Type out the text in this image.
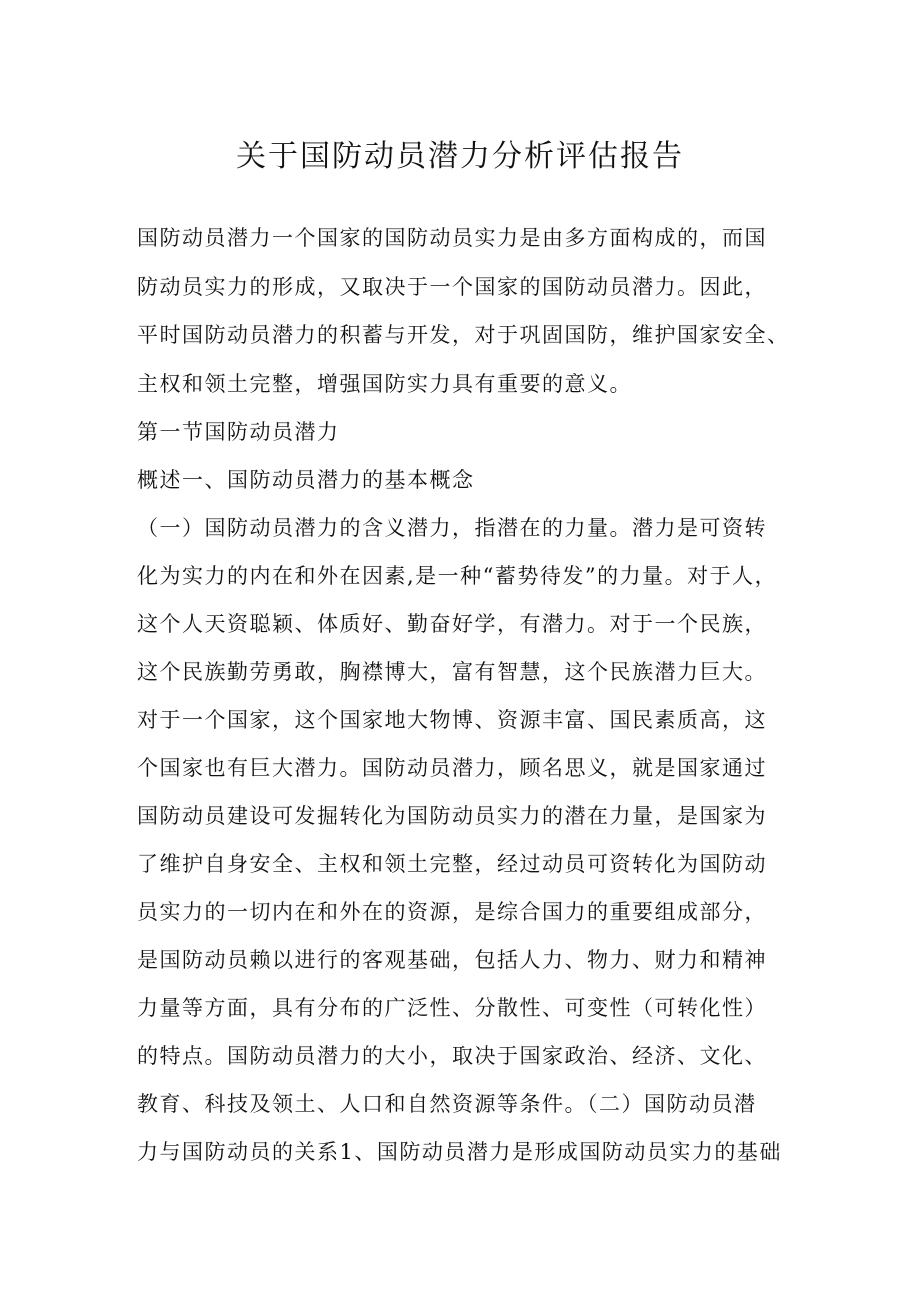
关于国防动员潜力分析评估报告
国防动员潜力一个国家的国防动员实力是由多方面构成的，而国
防动员实力的形成，又取决于一个国家的国防动员潜力。因此，
平时国防动员潜力的积蓄与开发，对于巩固国防，维护国家安全、
主权和领土完整，增强国防实力具有重要的意义。
第一节国防动员潜力
概述一、国防动员潜力的基本概念
（一）国防动员潜力的含义潜力，指潜在的力量。潜力是可资转
化为实力的内在和外在因素,是一种“蓄势待发”的力量。对于人，
这个人天资聪颖、体质好、勤奋好学，有潜力。对于一个民族，
这个民族勤劳勇敢，胸襟博大，富有智慧，这个民族潜力巨大。
对于一个国家，这个国家地大物博、资源丰富、国民素质高，这
个国家也有巨大潜力。国防动员潜力，顾名思义，就是国家通过
国防动员建设可发掘转化为国防动员实力的潜在力量，是国家为
了维护自身安全、主权和领土完整，经过动员可资转化为国防动
员实力的一切内在和外在的资源，是综合国力的重要组成部分，
是国防动员赖以进行的客观基础，包括人力、物力、财力和精神
力量等方面，具有分布的广泛性、分散性、可变性（可转化性）
的特点。国防动员潜力的大小，取决于国家政治、经济、文化、
教育、科技及领土、人口和自然资源等条件。（二）国防动员潜
力与国防动员的关系1、国防动员潜力是形成国防动员实力的基础
